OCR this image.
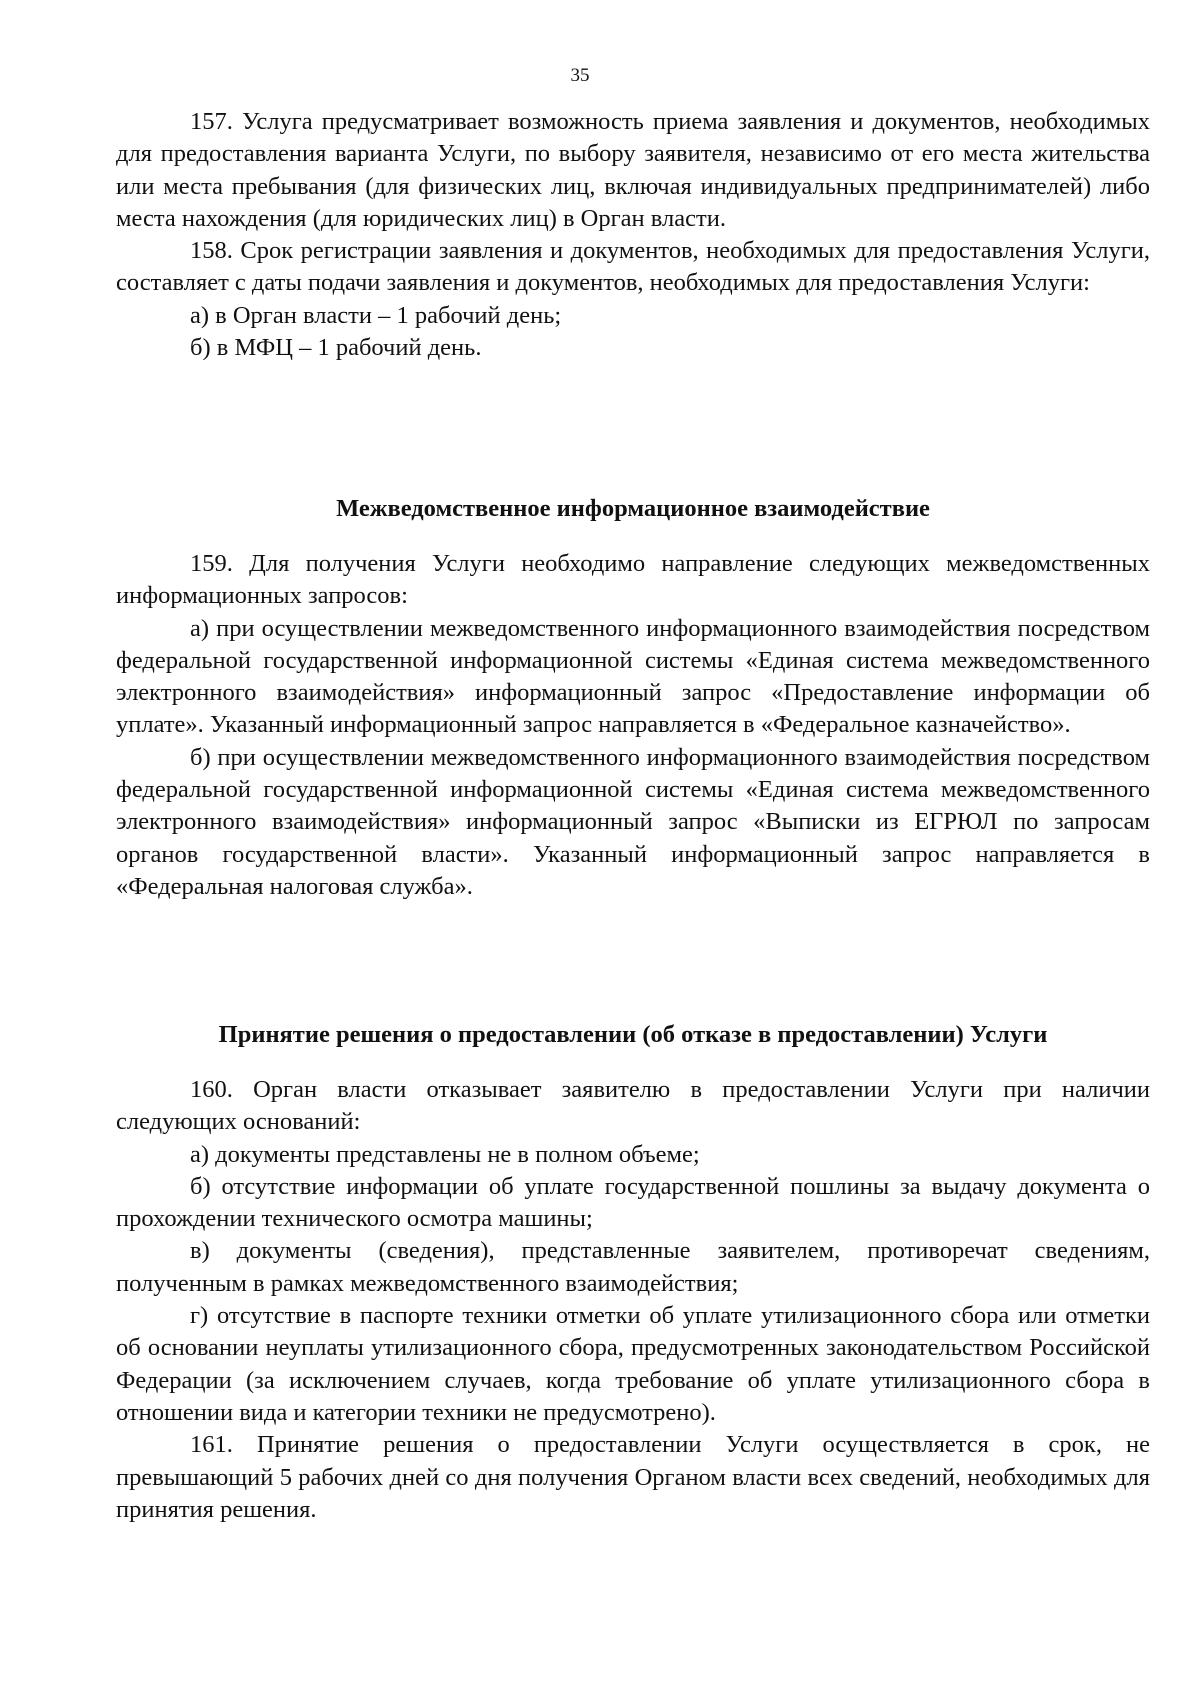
35

157. Услуга предусматривает возможность приема заявления и документов, необходимых для предоставления варианта Услуги, по выбору заявителя, независимо от его места жительства или места пребывания (для физических лиц, включая индивидуальных предпринимателей) либо места нахождения (для юридических лиц) в Орган власти.

158. Срок регистрации заявления и документов, необходимых для предоставления Услуги, составляет с даты подачи заявления и документов, необходимых для предоставления Услуги:

а) в Орган власти – 1 рабочий день;

б) в МФЦ – 1 рабочий день.

Межведомственное информационное взаимодействие

159. Для получения Услуги необходимо направление следующих межведомственных информационных запросов:

а) при осуществлении межведомственного информационного взаимодействия посредством федеральной государственной информационной системы «Единая система межведомственного электронного взаимодействия» информационный запрос «Предоставление информации об уплате». Указанный информационный запрос направляется в «Федеральное казначейство».

б) при осуществлении межведомственного информационного взаимодействия посредством федеральной государственной информационной системы «Единая система межведомственного электронного взаимодействия» информационный запрос «Выписки из ЕГРЮЛ по запросам органов государственной власти». Указанный информационный запрос направляется в «Федеральная налоговая служба».

Принятие решения о предоставлении (об отказе в предоставлении) Услуги

160. Орган власти отказывает заявителю в предоставлении Услуги при наличии следующих оснований:

а) документы представлены не в полном объеме;

б) отсутствие информации об уплате государственной пошлины за выдачу документа о прохождении технического осмотра машины;

в) документы (сведения), представленные заявителем, противоречат сведениям, полученным в рамках межведомственного взаимодействия;

г) отсутствие в паспорте техники отметки об уплате утилизационного сбора или отметки об основании неуплаты утилизационного сбора, предусмотренных законодательством Российской Федерации (за исключением случаев, когда требование об уплате утилизационного сбора в отношении вида и категории техники не предусмотрено).

161. Принятие решения о предоставлении Услуги осуществляется в срок, не превышающий 5 рабочих дней со дня получения Органом власти всех сведений, необходимых для принятия решения.
